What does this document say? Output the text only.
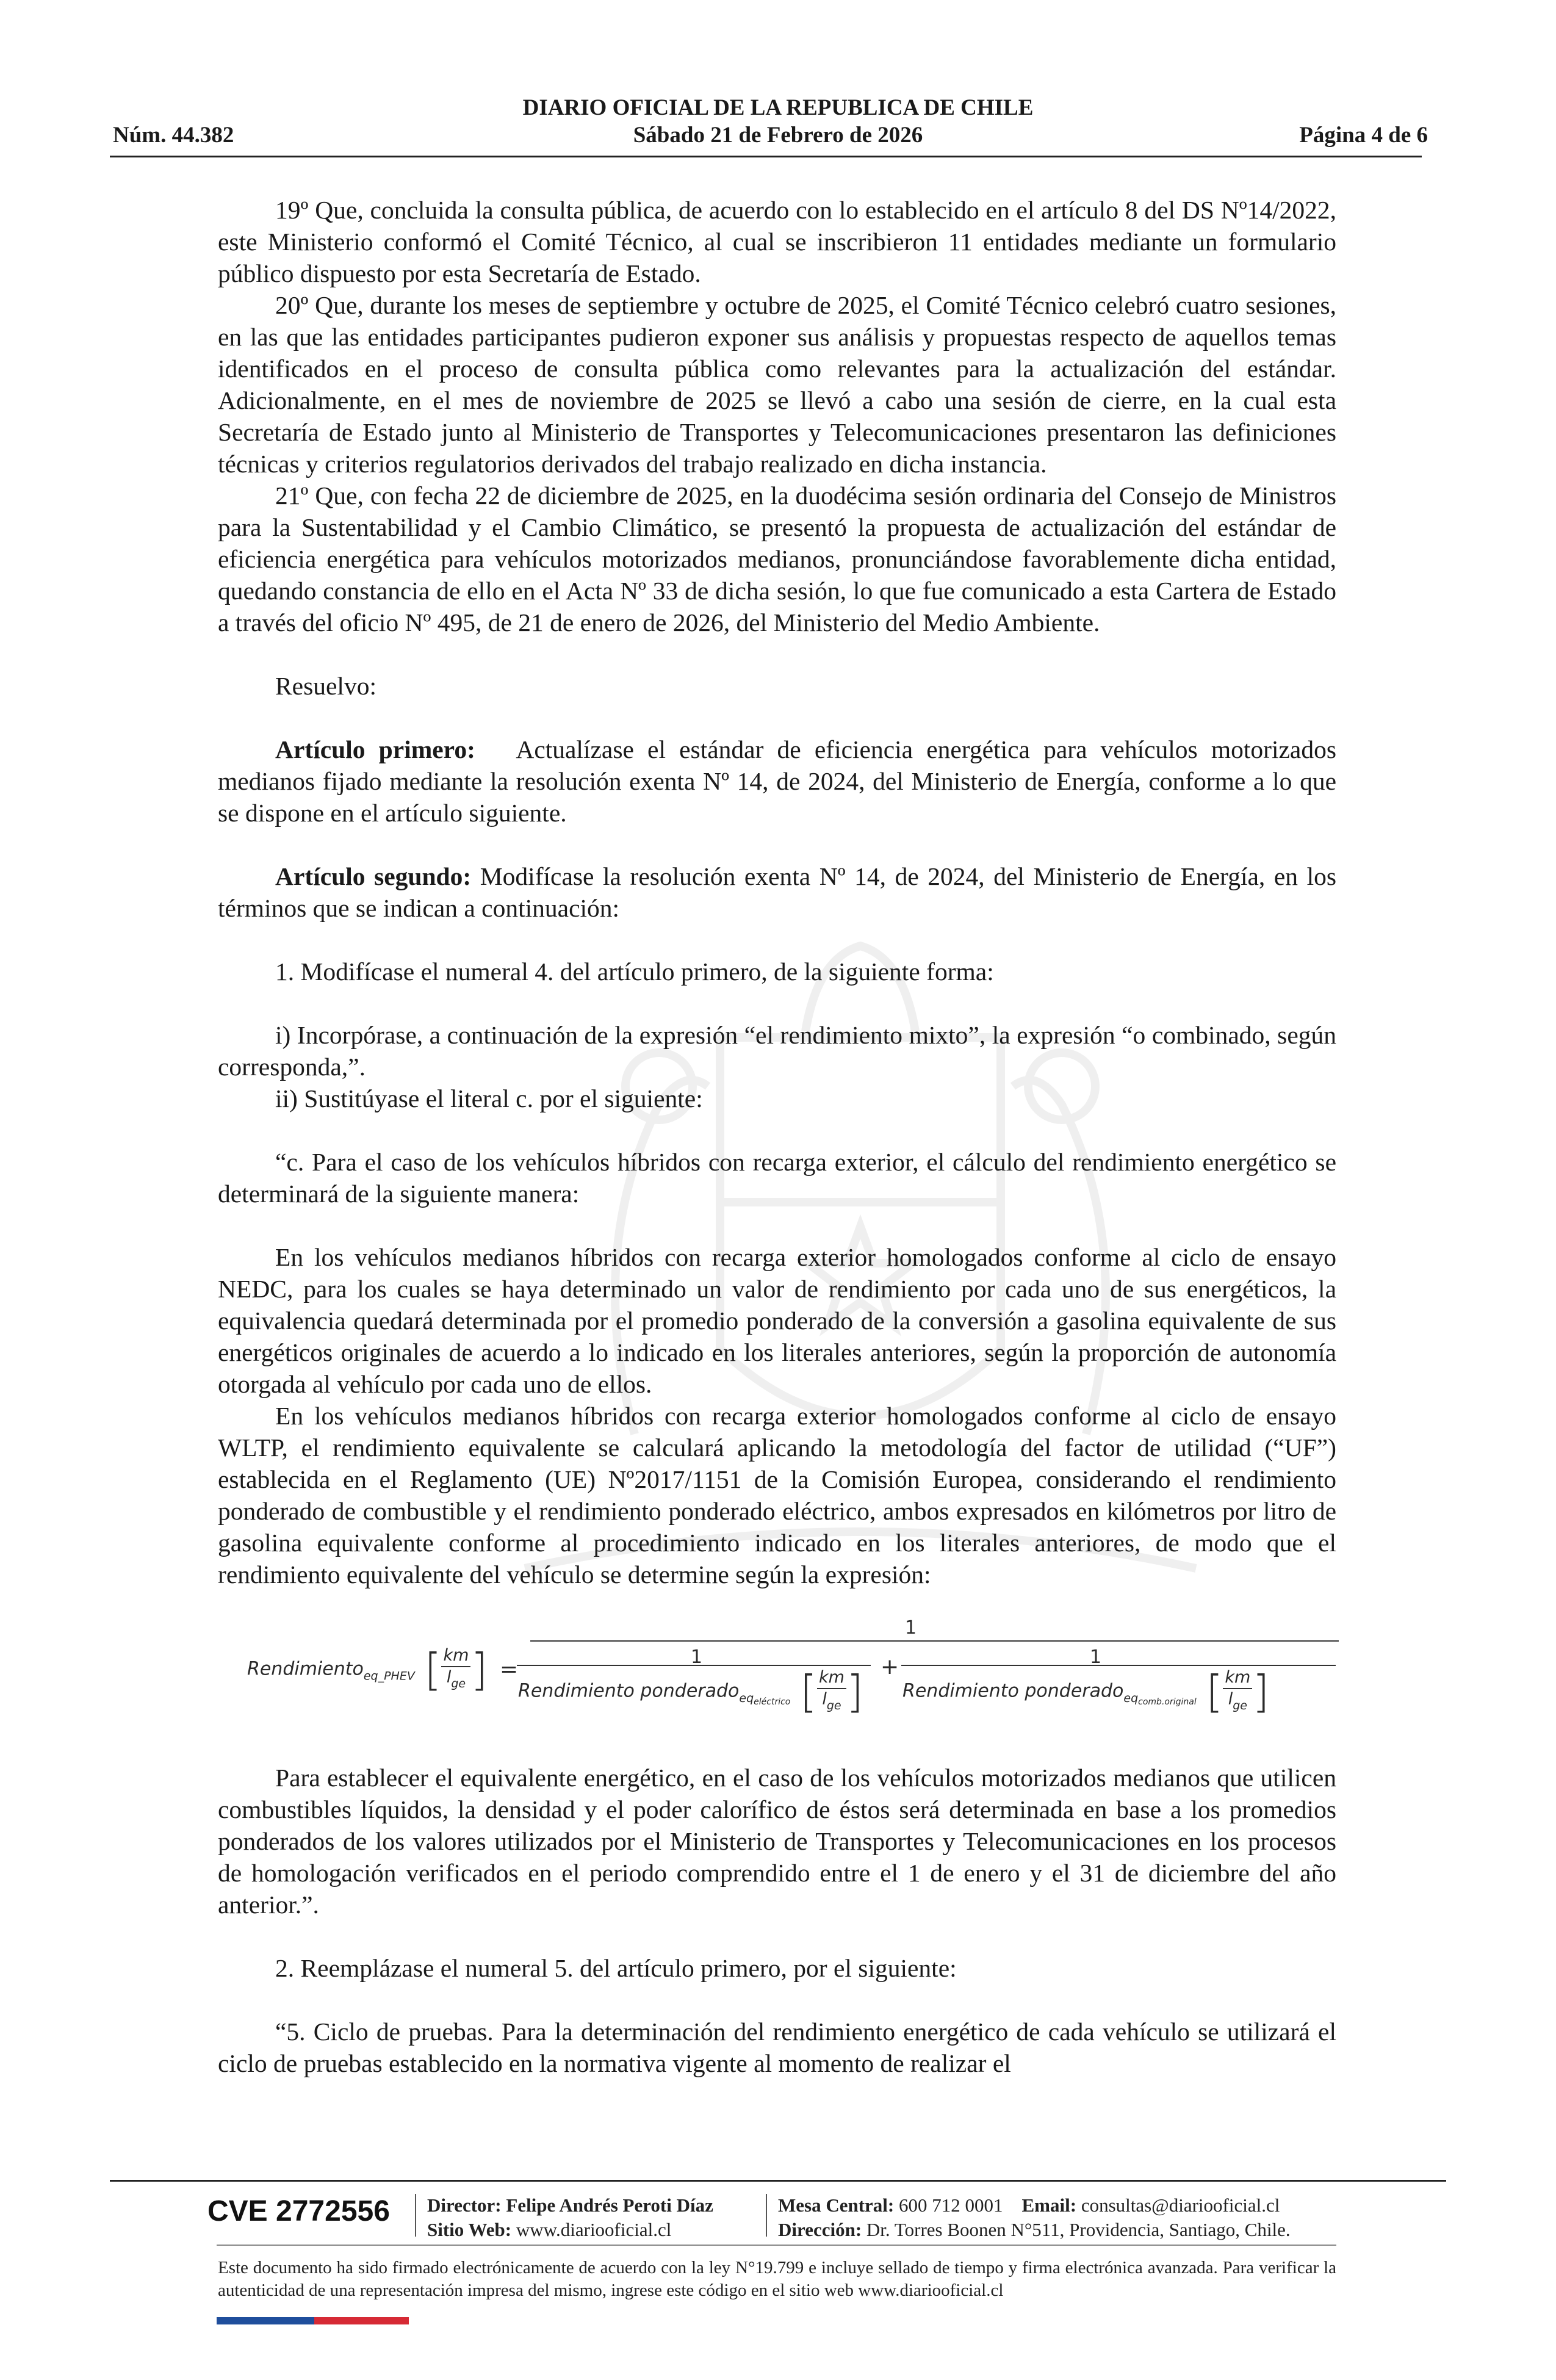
DIARIO OFICIAL DE LA REPUBLICA DE CHILE
Núm. 44.382	Sábado 21 de Febrero de 2026	Página 4 de 6

19º Que, concluida la consulta pública, de acuerdo con lo establecido en el artículo 8 del DS Nº14/2022, este Ministerio conformó el Comité Técnico, al cual se inscribieron 11 entidades mediante un formulario público dispuesto por esta Secretaría de Estado.

20º Que, durante los meses de septiembre y octubre de 2025, el Comité Técnico celebró cuatro sesiones, en las que las entidades participantes pudieron exponer sus análisis y propuestas respecto de aquellos temas identificados en el proceso de consulta pública como relevantes para la actualización del estándar. Adicionalmente, en el mes de noviembre de 2025 se llevó a cabo una sesión de cierre, en la cual esta Secretaría de Estado junto al Ministerio de Transportes y Telecomunicaciones presentaron las definiciones técnicas y criterios regulatorios derivados del trabajo realizado en dicha instancia.

21º Que, con fecha 22 de diciembre de 2025, en la duodécima sesión ordinaria del Consejo de Ministros para la Sustentabilidad y el Cambio Climático, se presentó la propuesta de actualización del estándar de eficiencia energética para vehículos motorizados medianos, pronunciándose favorablemente dicha entidad, quedando constancia de ello en el Acta Nº 33 de dicha sesión, lo que fue comunicado a esta Cartera de Estado a través del oficio Nº 495, de 21 de enero de 2026, del Ministerio del Medio Ambiente.

Resuelvo:

Artículo primero: Actualízase el estándar de eficiencia energética para vehículos motorizados medianos fijado mediante la resolución exenta Nº 14, de 2024, del Ministerio de Energía, conforme a lo que se dispone en el artículo siguiente.

Artículo segundo: Modifícase la resolución exenta Nº 14, de 2024, del Ministerio de Energía, en los términos que se indican a continuación:

1. Modifícase el numeral 4. del artículo primero, de la siguiente forma:

i) Incorpórase, a continuación de la expresión “el rendimiento mixto”, la expresión “o combinado, según corresponda,”.

ii) Sustitúyase el literal c. por el siguiente:

“c. Para el caso de los vehículos híbridos con recarga exterior, el cálculo del rendimiento energético se determinará de la siguiente manera:

En los vehículos medianos híbridos con recarga exterior homologados conforme al ciclo de ensayo NEDC, para los cuales se haya determinado un valor de rendimiento por cada uno de sus energéticos, la equivalencia quedará determinada por el promedio ponderado de la conversión a gasolina equivalente de sus energéticos originales de acuerdo a lo indicado en los literales anteriores, según la proporción de autonomía otorgada al vehículo por cada uno de ellos.

En los vehículos medianos híbridos con recarga exterior homologados conforme al ciclo de ensayo WLTP, el rendimiento equivalente se calculará aplicando la metodología del factor de utilidad (“UF”) establecida en el Reglamento (UE) Nº2017/1151 de la Comisión Europea, considerando el rendimiento ponderado de combustible y el rendimiento ponderado eléctrico, ambos expresados en kilómetros por litro de gasolina equivalente conforme al procedimiento indicado en los literales anteriores, de modo que el rendimiento equivalente del vehículo se determine según la expresión:

Rendimiento$_{eq\_PHEV}$ [ km
$l_{ge}$ ] =
1
1
Rendimiento ponderado$_{eq_{eléctrico}}$ [ km
$l_{ge}$ ] +	1
Rendimiento ponderado$_{eq_{comb.original}}$ [ km
$l_{ge}$ ]

Para establecer el equivalente energético, en el caso de los vehículos motorizados medianos que utilicen combustibles líquidos, la densidad y el poder calorífico de éstos será determinada en base a los promedios ponderados de los valores utilizados por el Ministerio de Transportes y Telecomunicaciones en los procesos de homologación verificados en el periodo comprendido entre el 1 de enero y el 31 de diciembre del año anterior.”.

2. Reemplázase el numeral 5. del artículo primero, por el siguiente:

“5. Ciclo de pruebas. Para la determinación del rendimiento energético de cada vehículo se utilizará el ciclo de pruebas establecido en la normativa vigente al momento de realizar el

CVE 2772556 Director: Felipe Andrés Peroti Díaz
Sitio Web: www.diariooficial.cl
Mesa Central: 600 712 0001 Email: consultas@diariooficial.cl
Dirección: Dr. Torres Boonen N°511, Providencia, Santiago, Chile.
Este documento ha sido firmado electrónicamente de acuerdo con la ley N°19.799 e incluye sellado de tiempo y firma electrónica avanzada. Para verificar la autenticidad de una representación impresa del mismo, ingrese este código en el sitio web www.diariooficial.cl
